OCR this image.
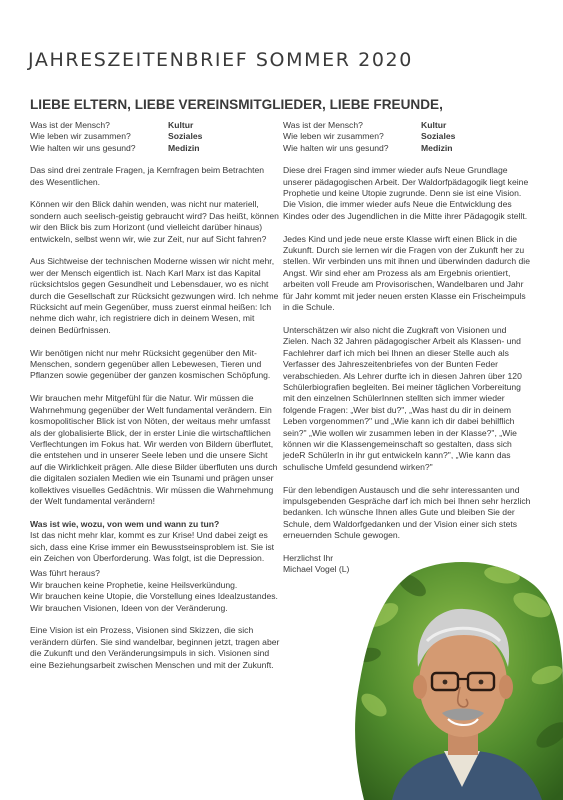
JAHRESZEITENBRIEF SOMMER 2020
LIEBE ELTERN, LIEBE VEREINSMITGLIEDER, LIEBE FREUNDE,
Was ist der Mensch?	Kultur
Wie leben wir zusammen?	Soziales
Wie halten wir uns gesund?	Medizin

Das sind drei zentrale Fragen, ja Kernfragen beim Betrachten des Wesentlichen.

Können wir den Blick dahin wenden, was nicht nur materiell, sondern auch seelisch-geistig gebraucht wird? Das heißt, können wir den Blick bis zum Horizont (und vielleicht darüber hinaus) entwickeln, selbst wenn wir, wie zur Zeit, nur auf Sicht fahren?

Aus Sichtweise der technischen Moderne wissen wir nicht mehr, wer der Mensch eigentlich ist. Nach Karl Marx ist das Kapital rücksichtslos gegen Gesundheit und Lebensdauer, wo es nicht durch die Gesellschaft zur Rücksicht gezwungen wird. Ich nehme Rücksicht auf mein Gegenüber, muss zuerst einmal heißen: Ich nehme dich wahr, ich registriere dich in deinem Wesen, mit deinen Bedürfnissen.

Wir benötigen nicht nur mehr Rücksicht gegenüber den Mit-Menschen, sondern gegenüber allen Lebewesen, Tieren und Pflanzen sowie gegenüber der ganzen kosmischen Schöpfung.

Wir brauchen mehr Mitgefühl für die Natur. Wir müssen die Wahrnehmung gegenüber der Welt fundamental verändern. Ein kosmopolitischer Blick ist von Nöten, der weitaus mehr umfasst als der globalisierte Blick, der in erster Linie die wirtschaftlichen Verflechtungen im Fokus hat. Wir werden von Bildern überflutet, die entstehen und in unserer Seele leben und die unsere Sicht auf die Wirklichkeit prägen. Alle diese Bilder überfluten uns durch die digitalen sozialen Medien wie ein Tsunami und prägen unser kollektives visuelles Gedächtnis. Wir müssen die Wahrnehmung der Welt fundamental verändern!

Was ist wie, wozu, von wem und wann zu tun?

Ist das nicht mehr klar, kommt es zur Krise! Und dabei zeigt es sich, dass eine Krise immer ein Bewusstseinsproblem ist. Sie ist ein Zeichen von Überforderung. Was folgt, ist die Depression.

Was führt heraus?
Wir brauchen keine Prophetie, keine Heilsverkündung.
Wir brauchen keine Utopie, die Vorstellung eines Idealzustandes.
Wir brauchen Visionen, Ideen von der Veränderung.

Eine Vision ist ein Prozess, Visionen sind Skizzen, die sich verändern dürfen. Sie sind wandelbar, beginnen jetzt, tragen aber die Zukunft und den Veränderungsimpuls in sich. Visionen sind eine Beziehungsarbeit zwischen Menschen und mit der Zukunft.

Was ist der Mensch?	Kultur
Wie leben wir zusammen?	Soziales
Wie halten wir uns gesund?	Medizin

Diese drei Fragen sind immer wieder aufs Neue Grundlage unserer pädagogischen Arbeit. Der Waldorfpädagogik liegt keine Prophetie und keine Utopie zugrunde. Denn sie ist eine Vision. Die Vision, die immer wieder aufs Neue die Entwicklung des Kindes oder des Jugendlichen in die Mitte ihrer Pädagogik stellt.

Jedes Kind und jede neue erste Klasse wirft einen Blick in die Zukunft. Durch sie lernen wir die Fragen von der Zukunft her zu stellen. Wir verbinden uns mit ihnen und überwinden dadurch die Angst. Wir sind eher am Prozess als am Ergebnis orientiert, arbeiten voll Freude am Provisorischen, Wandelbaren und Jahr für Jahr kommt mit jeder neuen ersten Klasse ein Frischeimpuls in die Schule.

Unterschätzen wir also nicht die Zugkraft von Visionen und Zielen. Nach 32 Jahren pädagogischer Arbeit als Klassen- und Fachlehrer darf ich mich bei Ihnen an dieser Stelle auch als Verfasser des Jahreszeitenbriefes von der Bunten Feder verabschieden. Als Lehrer durfte ich in diesen Jahren über 120 Schülerbiografien begleiten. Bei meiner täglichen Vorbereitung mit den einzelnen SchülerInnen stellten sich immer wieder folgende Fragen: „Wer bist du?", „Was hast du dir in deinem Leben vorgenommen?" und „Wie kann ich dir dabei behilflich sein?" „Wie wollen wir zusammen leben in der Klasse?", „Wie können wir die Klassengemeinschaft so gestalten, dass sich jedeR SchülerIn in ihr gut entwickeln kann?", „Wie kann das schulische Umfeld gesundend wirken?"

Für den lebendigen Austausch und die sehr interessanten und impulsgebenden Gespräche darf ich mich bei Ihnen sehr herzlich bedanken. Ich wünsche Ihnen alles Gute und bleiben Sie der Schule, dem Waldorfgedanken und der Vision einer sich stets erneuernden Schule gewogen.

Herzlichst Ihr
Michael Vogel (L)
